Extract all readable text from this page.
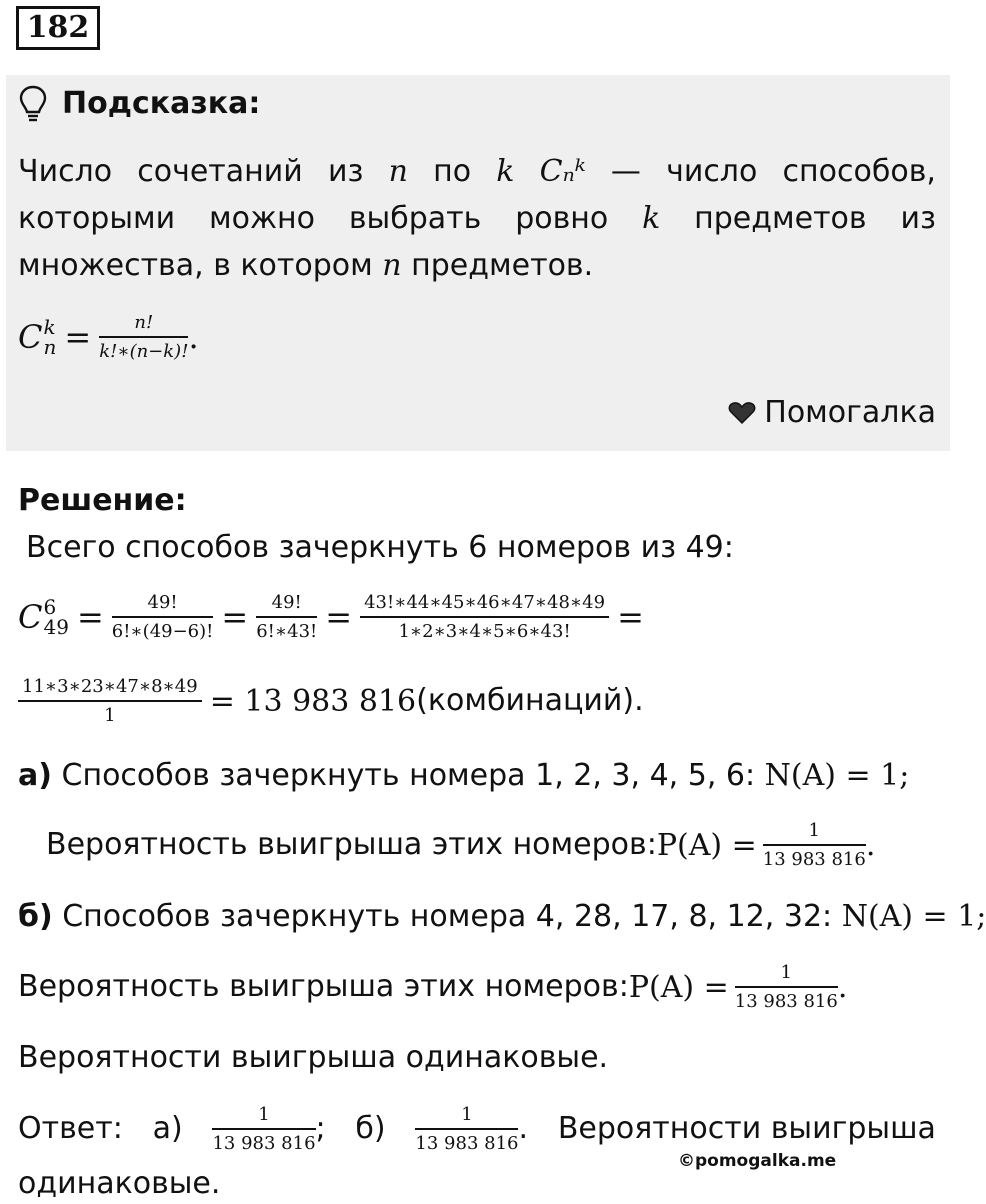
182
Подсказка:
Число сочетаний из n по k Cₙᵏ — число способов,
которыми можно выбрать ровно k предметов из
множества, в котором n предметов.
C k
$n = \frac{n!}{k!∗(n-k)!}$ .
Помогалка
Решение:
Всего способов зачеркнуть 6 номеров из 49:
C 6
$49 = \frac{49!}{6!∗(49-6)!} = \frac{49!}{6!∗43!} = \frac{43!∗44∗45∗46∗47∗48∗49}{1∗2∗3∗4∗5∗6∗43!}$ =
$\frac{11∗3∗23∗47∗8∗49}{1} = 13$ 983 816 (комбинаций).
а) Способов зачеркнуть номера 1, 2, 3, 4, 5, 6: N(A) = 1;
Вероятность выигрыша этих номеров: $P(A) = \frac{1}{13 983 816}$ .
б) Способов зачеркнуть номера 4, 28, 17, 8, 12, 32: N(A) = 1;
Вероятность выигрыша этих номеров: $P(A) = \frac{1}{13 983 816}$ .
Вероятности выигрыша одинаковые.
Ответ: $а) \frac{1}{13 983 816}$ ; $б) \frac{1}{13 983 816}$ . Вероятности выигрыша
©pomogalka.me
одинаковые.
